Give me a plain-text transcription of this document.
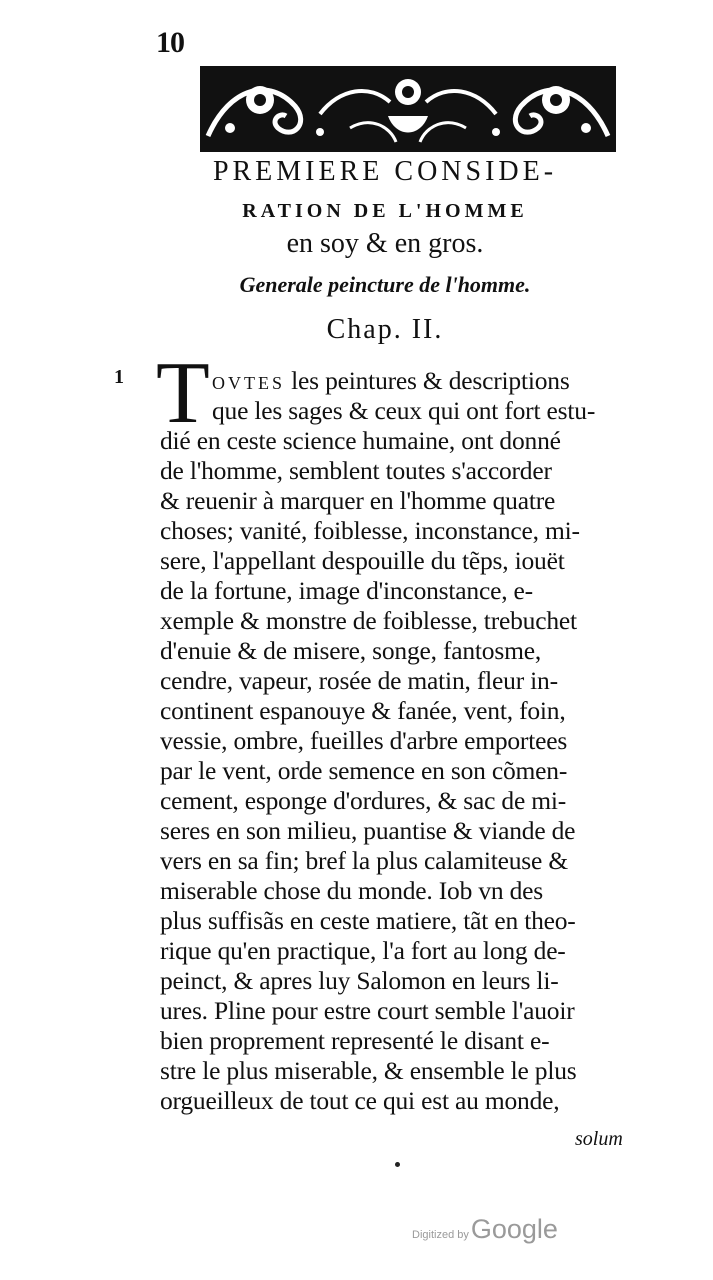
10
PREMIERE CONSIDE-
RATION DE L'HOMME
en soy & en gros.
Generale peincture de l'homme.
Chap. II.
1 T OVTES les peintures & descriptions
que les sages & ceux qui ont fort estu-
dié en ceste science humaine, ont donné
de l'homme, semblent toutes s'accorder
& reuenir à marquer en l'homme quatre
choses; vanité, foiblesse, inconstance, mi-
sere, l'appellant despouille du tẽps, iouët
de la fortune, image d'inconstance, e-
xemple & monstre de foiblesse, trebuchet
d'enuie & de misere, songe, fantosme,
cendre, vapeur, rosée de matin, fleur in-
continent espanouye & fanée, vent, foin,
vessie, ombre, fueilles d'arbre emportees
par le vent, orde semence en son cõmen-
cement, esponge d'ordures, & sac de mi-
seres en son milieu, puantise & viande de
vers en sa fin; bref la plus calamiteuse &
miserable chose du monde. Iob vn des
plus suffisãs en ceste matiere, tãt en theo-
rique qu'en practique, l'a fort au long de-
peinct, & apres luy Salomon en leurs li-
ures. Pline pour estre court semble l'auoir
bien proprement representé le disant e-
stre le plus miserable, & ensemble le plus
orgueilleux de tout ce qui est au monde,
solum
Digitized byGoogle
